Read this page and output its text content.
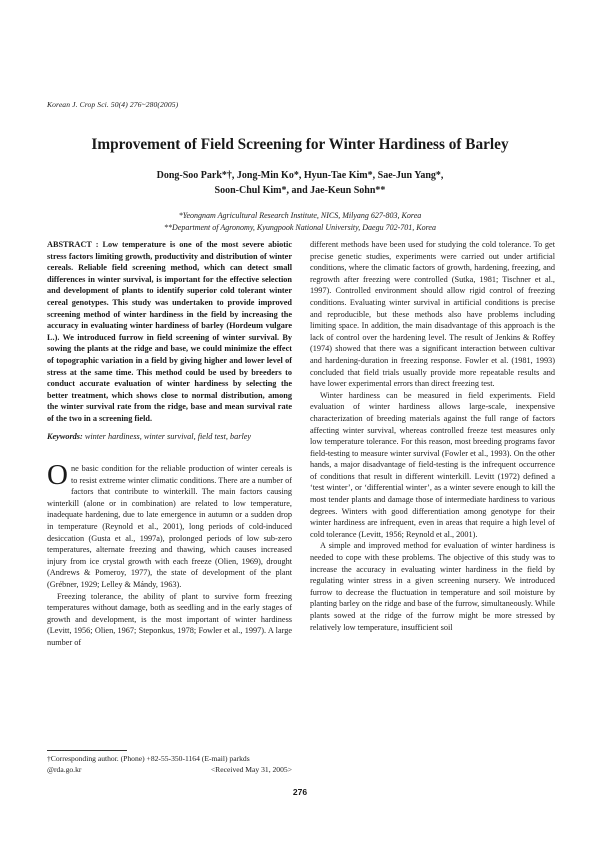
Korean J. Crop Sci. 50(4) 276~280(2005)
Improvement of Field Screening for Winter Hardiness of Barley
Dong-Soo Park*†, Jong-Min Ko*, Hyun-Tae Kim*, Sae-Jun Yang*,
Soon-Chul Kim*, and Jae-Keun Sohn**
*Yeongnam Agricultural Research Institute, NICS, Milyang 627-803, Korea
**Department of Agronomy, Kyungpook National University, Daegu 702-701, Korea

ABSTRACT : Low temperature is one of the most severe abiotic stress factors limiting growth, productivity and distribution of winter cereals. Reliable field screening method, which can detect small differences in winter survival, is important for the effective selection and development of plants to identify superior cold tolerant winter cereal genotypes. This study was undertaken to provide improved screening method of winter hardiness in the field by increasing the accuracy in evaluating winter hardiness of barley (Hordeum vulgare L.). We introduced furrow in field screening of winter survival. By sowing the plants at the ridge and base, we could minimize the effect of topographic variation in a field by giving higher and lower level of stress at the same time. This method could be used by breeders to conduct accurate evaluation of winter hardiness by selecting the better treatment, which shows close to normal distribution, among the winter survival rate from the ridge, base and mean survival rate of the two in a screening field.

Keywords: winter hardiness, winter survival, field test, barley

O ne basic condition for the reliable production of winter cereals is to resist extreme winter climatic conditions. There are a number of factors that contribute to winterkill. The main factors causing winterkill (alone or in combination) are related to low temperature, inadequate hardening, due to late emergence in autumn or a sudden drop in temperature (Reynold et al., 2001), long periods of cold-induced desiccation (Gusta et al., 1997a), prolonged periods of low sub-zero temperatures, alternate freezing and thawing, which causes increased injury from ice crystal growth with each freeze (Olien, 1969), drought (Andrews & Pomeroy, 1977), the state of development of the plant (Grébner, 1929; Lelley & Mándy, 1963).

Freezing tolerance, the ability of plant to survive form freezing temperatures without damage, both as seedling and in the early stages of growth and development, is the most important of winter hardiness (Levitt, 1956; Olien, 1967; Steponkus, 1978; Fowler et al., 1997). A large number of

different methods have been used for studying the cold tolerance. To get precise genetic studies, experiments were carried out under artificial conditions, where the climatic factors of growth, hardening, freezing, and regrowth after freezing were controlled (Sutka, 1981; Tischner et al., 1997). Controlled environment should allow rigid control of freezing conditions. Evaluating winter survival in artificial conditions is precise and reproducible, but these methods also have problems including limiting space. In addition, the main disadvantage of this approach is the lack of control over the hardening level. The result of Jenkins & Roffey (1974) showed that there was a significant interaction between cultivar and hardening-duration in freezing response. Fowler et al. (1981, 1993) concluded that field trials usually provide more repeatable results and have lower experimental errors than direct freezing test.

Winter hardiness can be measured in field experiments. Field evaluation of winter hardiness allows large-scale, inexpensive characterization of breeding materials against the full range of factors affecting winter survival, whereas controlled freeze test measures only low temperature tolerance. For this reason, most breeding programs favor field-testing to measure winter survival (Fowler et al., 1993). On the other hands, a major disadvantage of field-testing is the infrequent occurrence of conditions that result in different winterkill. Levitt (1972) defined a ‘test winter’, or ‘differential winter’, as a winter severe enough to kill the most tender plants and damage those of intermediate hardiness to various degrees. Winters with good differentiation among genotype for their winter hardiness are infrequent, even in areas that require a high level of cold tolerance (Levitt, 1956; Reynold et al., 2001).

A simple and improved method for evaluation of winter hardiness is needed to cope with these problems. The objective of this study was to increase the accuracy in evaluating winter hardiness in the field by regulating winter stress in a given screening nursery. We introduced furrow to decrease the fluctuation in temperature and soil moisture by planting barley on the ridge and base of the furrow, simultaneously. While plants sowed at the ridge of the furrow might be more stressed by relatively low temperature, insufficient soil

†Corresponding author. (Phone) +82-55-350-1164 (E-mail) parkds
@rda.go.kr	<Received May 31, 2005>
276
